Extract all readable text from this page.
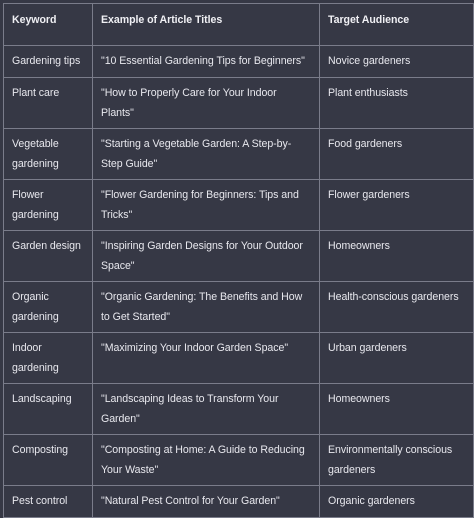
Keyword	Example of Article Titles	Target Audience
Gardening tips	"10 Essential Gardening Tips for Beginners"	Novice gardeners
Plant care	"How to Properly Care for Your Indoor Plants"	Plant enthusiasts
Vegetable gardening	"Starting a Vegetable Garden: A Step-by-Step Guide"	Food gardeners
Flower gardening	"Flower Gardening for Beginners: Tips and Tricks"	Flower gardeners
Garden design	"Inspiring Garden Designs for Your Outdoor Space"	Homeowners
Organic gardening	"Organic Gardening: The Benefits and How to Get Started"	Health-conscious gardeners
Indoor gardening	"Maximizing Your Indoor Garden Space"	Urban gardeners
Landscaping	"Landscaping Ideas to Transform Your Garden"	Homeowners
Composting	"Composting at Home: A Guide to Reducing Your Waste"	Environmentally conscious gardeners
Pest control	"Natural Pest Control for Your Garden"	Organic gardeners
